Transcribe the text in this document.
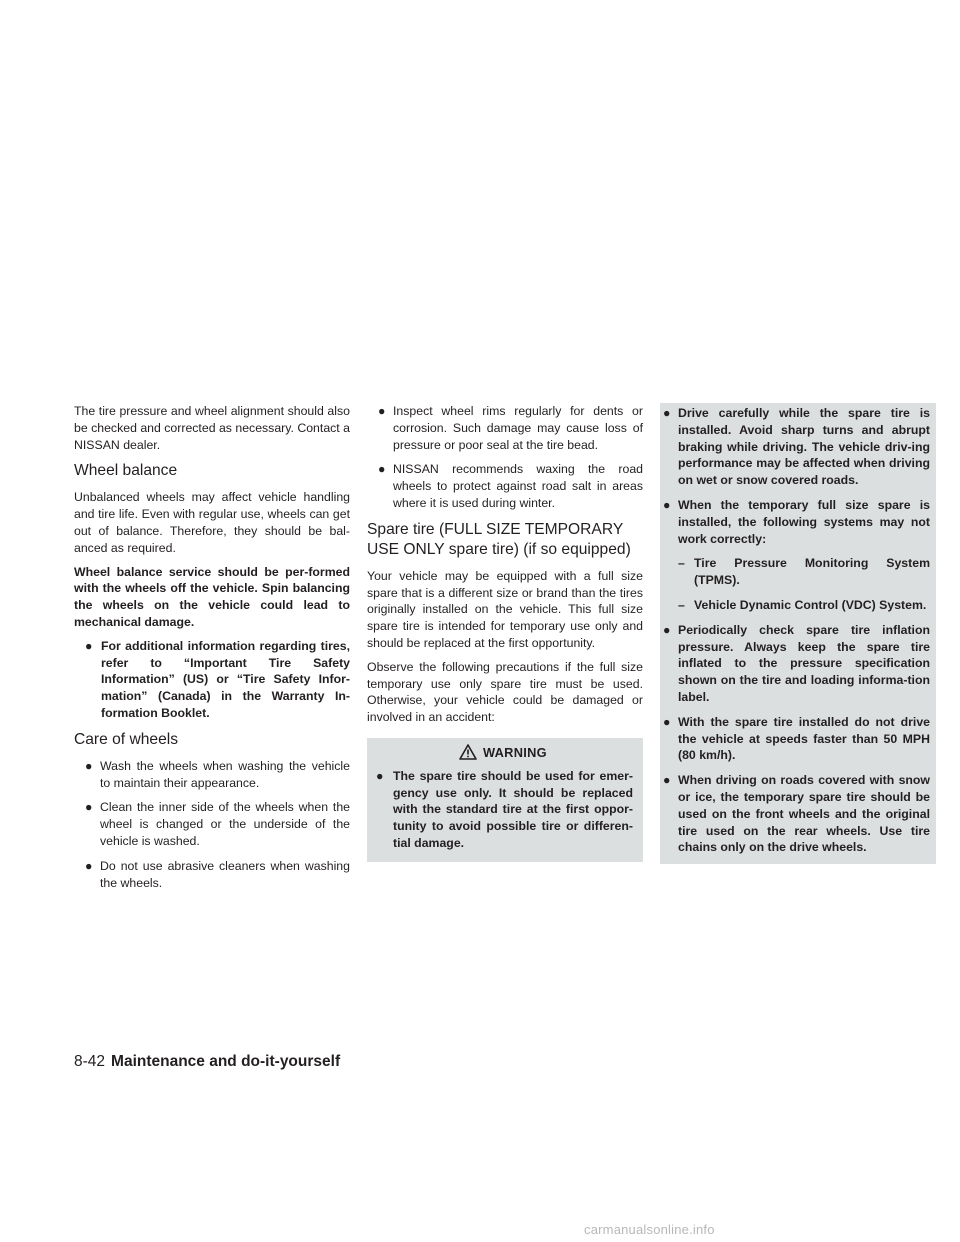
The tire pressure and wheel alignment should also be checked and corrected as necessary. Contact a NISSAN dealer.

Wheel balance

Unbalanced wheels may affect vehicle handling and tire life. Even with regular use, wheels can get out of balance. Therefore, they should be bal-anced as required.

Wheel balance service should be per-formed with the wheels off the vehicle. Spin balancing the wheels on the vehicle could lead to mechanical damage.

● For additional information regarding tires, refer to “Important Tire Safety Information” (US) or “Tire Safety Infor-mation” (Canada) in the Warranty In-formation Booklet.
Care of wheels
● Wash the wheels when washing the vehicle to maintain their appearance.
● Clean the inner side of the wheels when the wheel is changed or the underside of the vehicle is washed.
● Do not use abrasive cleaners when washing the wheels.
● Inspect wheel rims regularly for dents or corrosion. Such damage may cause loss of pressure or poor seal at the tire bead.
● NISSAN recommends waxing the road wheels to protect against road salt in areas where it is used during winter.
Spare tire (FULL SIZE TEMPORARY USE ONLY spare tire) (if so equipped)

Your vehicle may be equipped with a full size spare that is a different size or brand than the tires originally installed on the vehicle. This full size spare tire is intended for temporary use only and should be replaced at the first opportunity.

Observe the following precautions if the full size temporary use only spare tire must be used. Otherwise, your vehicle could be damaged or involved in an accident:

WARNING
● The spare tire should be used for emer-gency use only. It should be replaced with the standard tire at the first oppor-tunity to avoid possible tire or differen-tial damage.
● Drive carefully while the spare tire is installed. Avoid sharp turns and abrupt braking while driving. The vehicle driv-ing performance may be affected when driving on wet or snow covered roads.
● When the temporary full size spare is installed, the following systems may not work correctly:
– Tire Pressure Monitoring System (TPMS).
– Vehicle Dynamic Control (VDC) System.
● Periodically check spare tire inflation pressure. Always keep the spare tire inflated to the pressure specification shown on the tire and loading informa-tion label.
● With the spare tire installed do not drive the vehicle at speeds faster than 50 MPH (80 km/h).
● When driving on roads covered with snow or ice, the temporary spare tire should be used on the front wheels and the original tire used on the rear wheels. Use tire chains only on the drive wheels.
8-42 Maintenance and do-it-yourself
carmanualsonline.info
